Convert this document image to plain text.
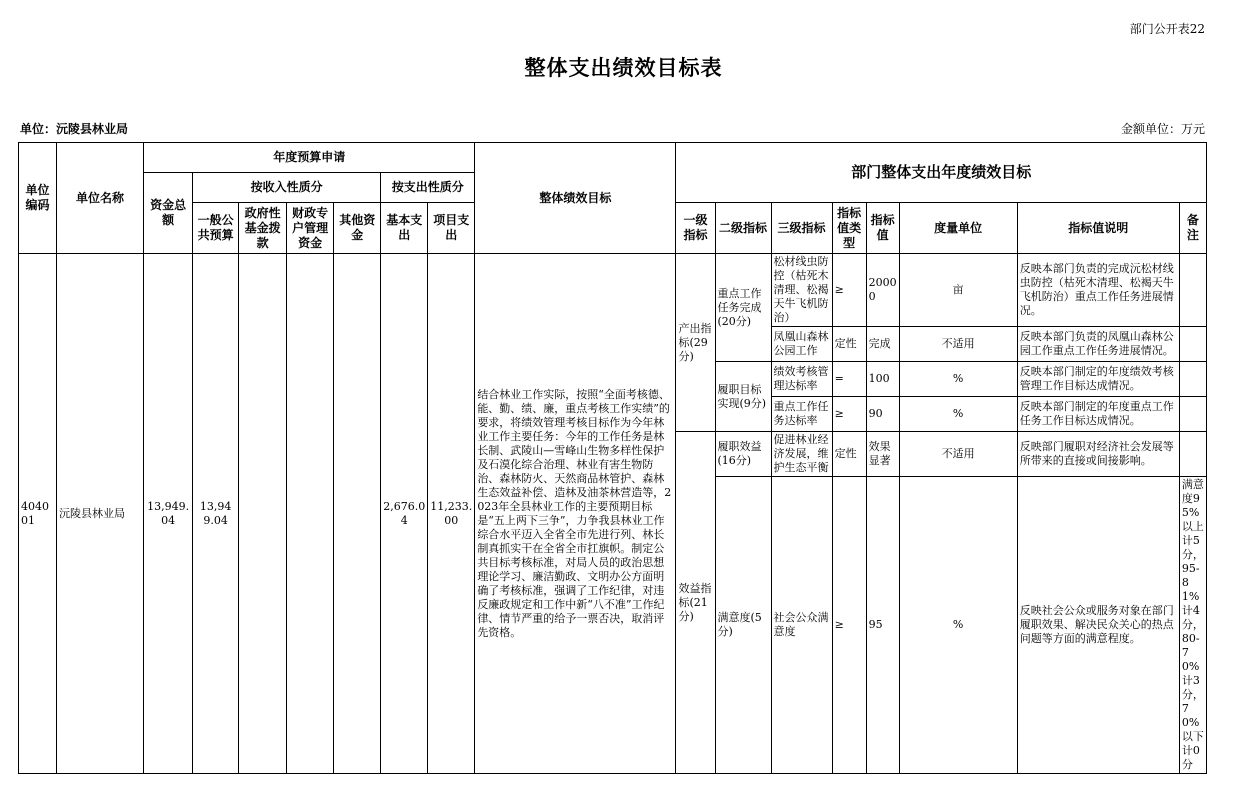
部门公开表22
整体支出绩效目标表
单位：沅陵县林业局	金额单位：万元
单位编码	单位名称	年度预算申请							整体绩效目标	部门整体支出年度绩效目标							
		资金总额	按收入性质分				按支出性质分										
			一般公共预算	政府性基金拨款	财政专户管理资金	其他资金	基本支出	项目支出		一级指标	二级指标	三级指标	指标值类型	指标值	度量单位	指标值说明	备注
404001	沅陵县林业局	13,949.04	13,949.04				2,676.04	11,233.00	结合林业工作实际，按照“全面考核德、能、勤、绩、廉，重点考核工作实绩”的要求，将绩效管理考核目标作为今年林业工作主要任务：今年的工作任务是林长制、武陵山—雪峰山生物多样性保护及石漠化综合治理、林业有害生物防治、森林防火、天然商品林管护、森林生态效益补偿、造林及油茶林营造等，2023年全县林业工作的主要预期目标是“五上两下三争”，力争我县林业工作综合水平迈入全省全市先进行列、林长制真抓实干在全省全市扛旗帜。制定公共目标考核标准，对局人员的政治思想理论学习、廉洁勤政、文明办公方面明确了考核标准，强调了工作纪律，对违反廉政规定和工作中新“八不准”工作纪律、情节严重的给予一票否决，取消评先资格。	产出指标(29分)	重点工作任务完成(20分)	松材线虫防控（枯死木清理、松褐天牛飞机防治）	≥	20000	亩	反映本部门负责的完成沅松材线虫防控（枯死木清理、松褐天牛飞机防治）重点工作任务进展情况。	
												凤凰山森林公园工作	定性	完成	不适用	反映本部门负责的凤凰山森林公园工作重点工作任务进展情况。	
											履职目标实现(9分)	绩效考核管理达标率	=	100	%	反映本部门制定的年度绩效考核管理工作目标达成情况。	
												重点工作任务达标率	≥	90	%	反映本部门制定的年度重点工作任务工作目标达成情况。	
										效益指标(21分)	履职效益(16分)	促进林业经济发展，维护生态平衡	定性	效果显著	不适用	反映部门履职对经济社会发展等所带来的直接或间接影响。	
											满意度(5分)	社会公众满意度	≥	95	%	反映社会公众或服务对象在部门履职效果、解决民众关心的热点问题等方面的满意程度。	满意度95%以上计5分，95-81%计4分，80-70%计3分，70%以下计0分
